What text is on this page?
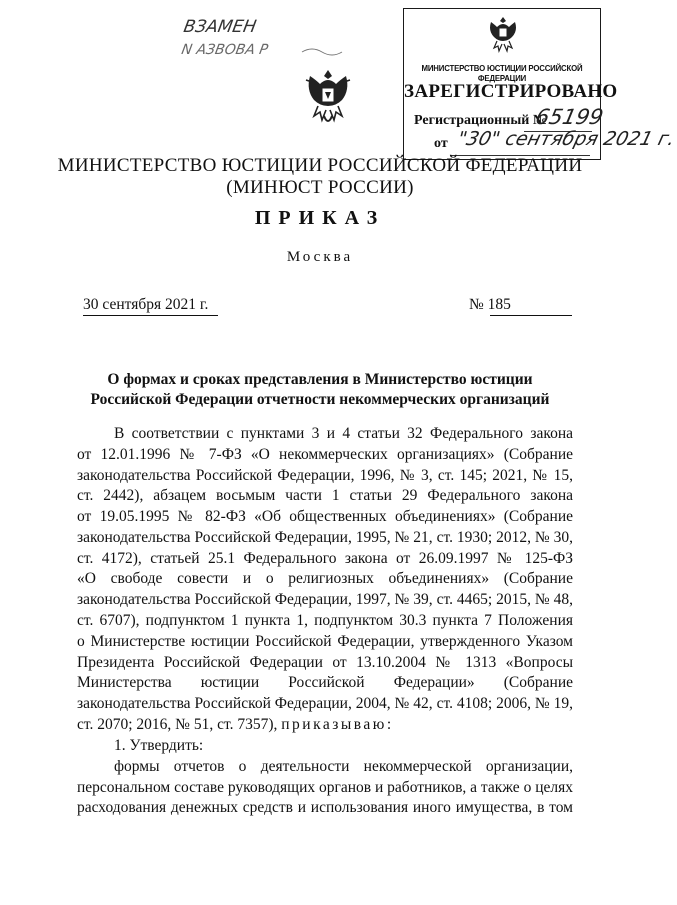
ВЗАМЕН
N АЗВОВА Р
МИНИСТЕРСТВО ЮСТИЦИИ РОССИЙСКОЙ ФЕДЕРАЦИИ
ЗАРЕГИСТРИРОВАНО
Регистрационный №
65199
от "30" сентября 2021 г.
МИНИСТЕРСТВО ЮСТИЦИИ РОССИЙСКОЙ ФЕДЕРАЦИИ
(МИНЮСТ РОССИИ)
ПРИКАЗ
Москва
30 сентября 2021 г.	№ 185
О формах и сроках представления в Министерство юстиции
Российской Федерации отчетности некоммерческих организаций
В соответствии с пунктами 3 и 4 статьи 32 Федерального закона
от 12.01.1996 № 7-ФЗ «О некоммерческих организациях» (Собрание
законодательства Российской Федерации, 1996, № 3, ст. 145; 2021, № 15,
ст. 2442), абзацем восьмым части 1 статьи 29 Федерального закона
от 19.05.1995 № 82-ФЗ «Об общественных объединениях» (Собрание
законодательства Российской Федерации, 1995, № 21, ст. 1930; 2012, № 30,
ст. 4172), статьей 25.1 Федерального закона от 26.09.1997 № 125-ФЗ
«О свободе совести и о религиозных объединениях» (Собрание
законодательства Российской Федерации, 1997, № 39, ст. 4465; 2015, № 48,
ст. 6707), подпунктом 1 пункта 1, подпунктом 30.3 пункта 7 Положения
о Министерстве юстиции Российской Федерации, утвержденного Указом
Президента Российской Федерации от 13.10.2004 № 1313 «Вопросы
Министерства юстиции Российской Федерации» (Собрание
законодательства Российской Федерации, 2004, № 42, ст. 4108; 2006, № 19,
ст. 2070; 2016, № 51, ст. 7357), приказываю:
1. Утвердить:
формы отчетов о деятельности некоммерческой организации,
персональном составе руководящих органов и работников, а также о целях
расходования денежных средств и использования иного имущества, в том
